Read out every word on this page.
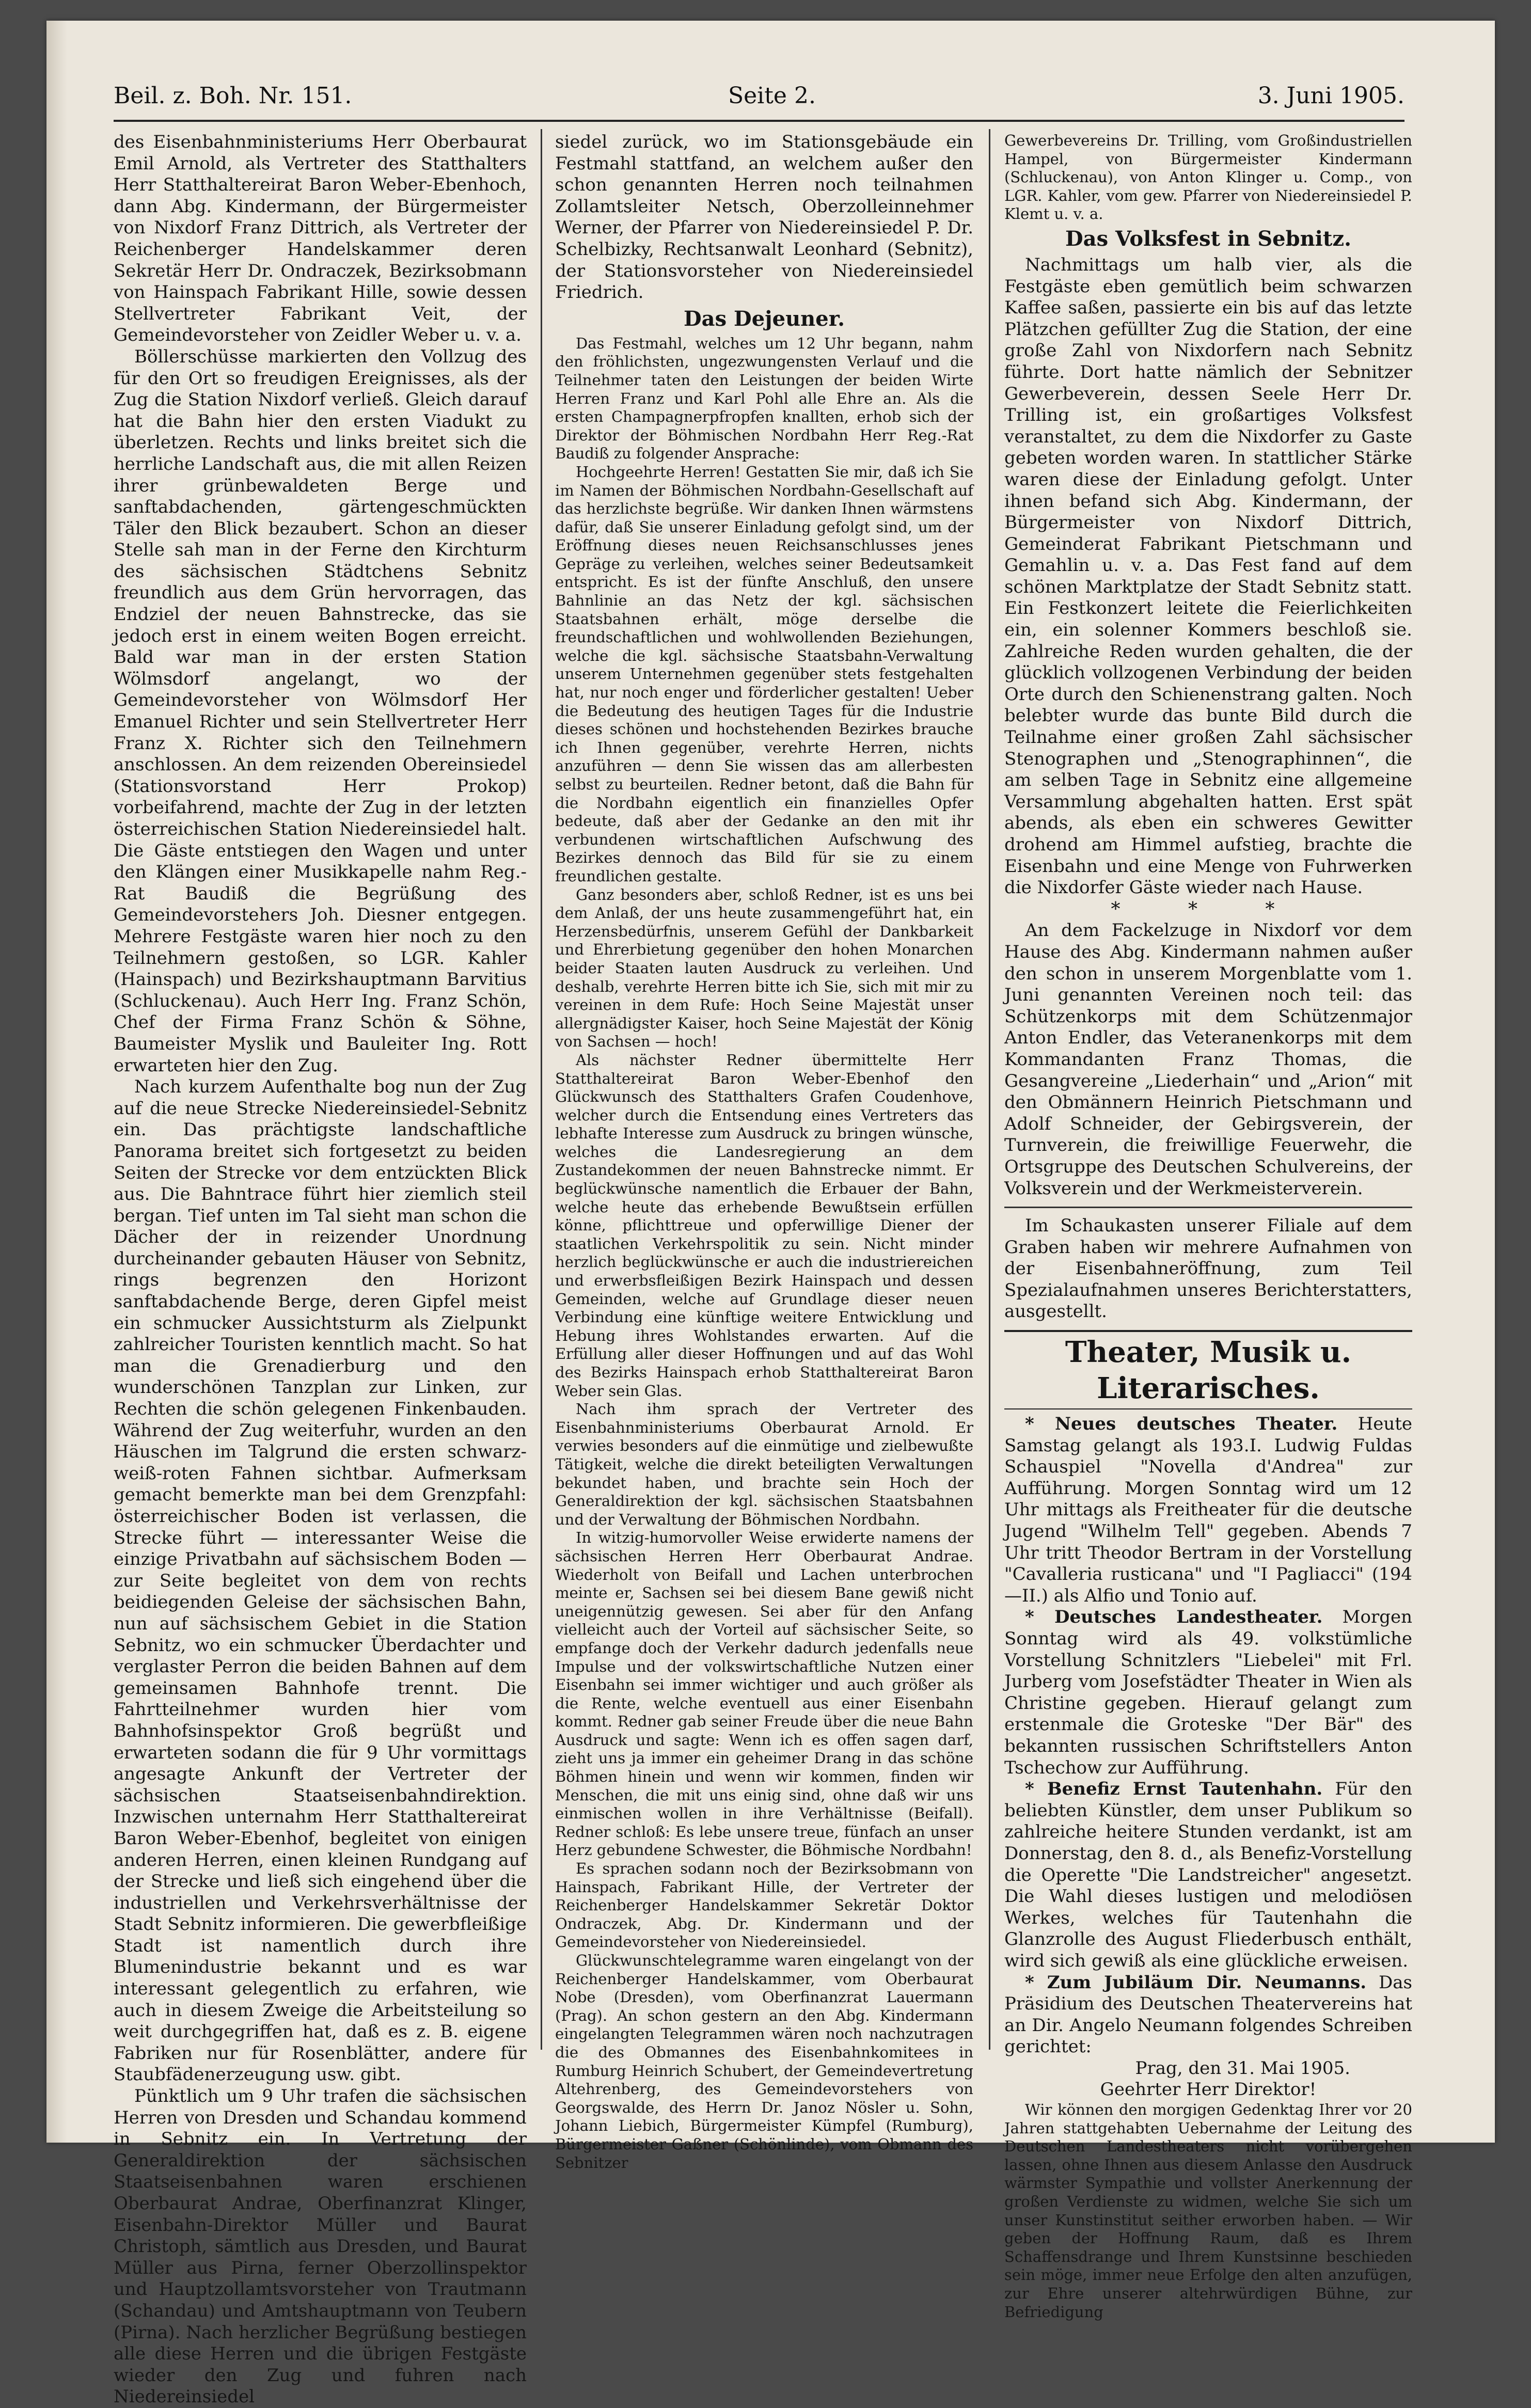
Beil. z. Boh. Nr. 151.	Seite 2.	3. Juni 1905.

des Eisenbahnministeriums Herr Oberbaurat Emil Arnold, als Vertreter des Statthalters Herr Statthaltereirat Baron Weber-Ebenhoch, dann Abg. Kindermann, der Bürgermeister von Nixdorf Franz Dittrich, als Vertreter der Reichenberger Handelskammer deren Sekretär Herr Dr. Ondraczek, Bezirksobmann von Hainspach Fabrikant Hille, sowie dessen Stellvertreter Fabrikant Veit, der Gemeindevorsteher von Zeidler Weber u. v. a.

Böllerschüsse markierten den Vollzug des für den Ort so freudigen Ereignisses, als der Zug die Station Nixdorf verließ. Gleich darauf hat die Bahn hier den ersten Viadukt zu überletzen. Rechts und links breitet sich die herrliche Landschaft aus, die mit allen Reizen ihrer grünbewaldeten Berge und sanftabdachenden, gärtengeschmückten Täler den Blick bezaubert. Schon an dieser Stelle sah man in der Ferne den Kirchturm des sächsischen Städtchens Sebnitz freundlich aus dem Grün hervorragen, das Endziel der neuen Bahnstrecke, das sie jedoch erst in einem weiten Bogen erreicht. Bald war man in der ersten Station Wölmsdorf angelangt, wo der Gemeindevorsteher von Wölmsdorf Her Emanuel Richter und sein Stellvertreter Herr Franz X. Richter sich den Teilnehmern anschlossen. An dem reizenden Obereinsiedel (Stationsvorstand Herr Prokop) vorbeifahrend, machte der Zug in der letzten österreichischen Station Niedereinsiedel halt. Die Gäste entstiegen den Wagen und unter den Klängen einer Musikkapelle nahm Reg.-Rat Baudiß die Begrüßung des Gemeindevorstehers Joh. Diesner entgegen. Mehrere Festgäste waren hier noch zu den Teilnehmern gestoßen, so LGR. Kahler (Hainspach) und Bezirkshauptmann Barvitius (Schluckenau). Auch Herr Ing. Franz Schön, Chef der Firma Franz Schön & Söhne, Baumeister Myslik und Bauleiter Ing. Rott erwarteten hier den Zug.

Nach kurzem Aufenthalte bog nun der Zug auf die neue Strecke Niedereinsiedel-Sebnitz ein. Das prächtigste landschaftliche Panorama breitet sich fortgesetzt zu beiden Seiten der Strecke vor dem entzückten Blick aus. Die Bahntrace führt hier ziemlich steil bergan. Tief unten im Tal sieht man schon die Dächer der in reizender Unordnung durcheinander gebauten Häuser von Sebnitz, rings begrenzen den Horizont sanftabdachende Berge, deren Gipfel meist ein schmucker Aussichtsturm als Zielpunkt zahlreicher Touristen kenntlich macht. So hat man die Grenadierburg und den wunderschönen Tanzplan zur Linken, zur Rechten die schön gelegenen Finkenbauden. Während der Zug weiterfuhr, wurden an den Häuschen im Talgrund die ersten schwarz-weiß-roten Fahnen sichtbar. Aufmerksam gemacht bemerkte man bei dem Grenzpfahl: österreichischer Boden ist verlassen, die Strecke führt — interessanter Weise die einzige Privatbahn auf sächsischem Boden — zur Seite begleitet von dem von rechts beidiegenden Geleise der sächsischen Bahn, nun auf sächsischem Gebiet in die Station Sebnitz, wo ein schmucker Überdachter und verglaster Perron die beiden Bahnen auf dem gemeinsamen Bahnhofe trennt. Die Fahrtteilnehmer wurden hier vom Bahnhofsinspektor Groß begrüßt und erwarteten sodann die für 9 Uhr vormittags angesagte Ankunft der Vertreter der sächsischen Staatseisenbahndirektion. Inzwischen unternahm Herr Statthaltereirat Baron Weber-Ebenhof, begleitet von einigen anderen Herren, einen kleinen Rundgang auf der Strecke und ließ sich eingehend über die industriellen und Verkehrsverhältnisse der Stadt Sebnitz informieren. Die gewerbfleißige Stadt ist namentlich durch ihre Blumenindustrie bekannt und es war interessant gelegentlich zu erfahren, wie auch in diesem Zweige die Arbeitsteilung so weit durchgegriffen hat, daß es z. B. eigene Fabriken nur für Rosenblätter, andere für Staubfädenerzeugung usw. gibt.

Pünktlich um 9 Uhr trafen die sächsischen Herren von Dresden und Schandau kommend in Sebnitz ein. In Vertretung der Generaldirektion der sächsischen Staatseisenbahnen waren erschienen Oberbaurat Andrae, Oberfinanzrat Klinger, Eisenbahn-Direktor Müller und Baurat Christoph, sämtlich aus Dresden, und Baurat Müller aus Pirna, ferner Oberzollinspektor und Hauptzollamtsvorsteher von Trautmann (Schandau) und Amtshauptmann von Teubern (Pirna). Nach herzlicher Begrüßung bestiegen alle diese Herren und die übrigen Festgäste wieder den Zug und fuhren nach Niedereinsiedel

siedel zurück, wo im Stationsgebäude ein Festmahl stattfand, an welchem außer den schon genannten Herren noch teilnahmen Zollamtsleiter Netsch, Oberzolleinnehmer Werner, der Pfarrer von Niedereinsiedel P. Dr. Schelbizky, Rechtsanwalt Leonhard (Sebnitz), der Stationsvorsteher von Niedereinsiedel Friedrich.

Das Dejeuner.

Das Festmahl, welches um 12 Uhr begann, nahm den fröhlichsten, ungezwungensten Verlauf und die Teilnehmer taten den Leistungen der beiden Wirte Herren Franz und Karl Pohl alle Ehre an. Als die ersten Champagnerpfropfen knallten, erhob sich der Direktor der Böhmischen Nordbahn Herr Reg.-Rat Baudiß zu folgender Ansprache:

Hochgeehrte Herren! Gestatten Sie mir, daß ich Sie im Namen der Böhmischen Nordbahn-Gesellschaft auf das herzlichste begrüße. Wir danken Ihnen wärmstens dafür, daß Sie unserer Einladung gefolgt sind, um der Eröffnung dieses neuen Reichsanschlusses jenes Gepräge zu verleihen, welches seiner Bedeutsamkeit entspricht. Es ist der fünfte Anschluß, den unsere Bahnlinie an das Netz der kgl. sächsischen Staatsbahnen erhält, möge derselbe die freundschaftlichen und wohlwollenden Beziehungen, welche die kgl. sächsische Staatsbahn-Verwaltung unserem Unternehmen gegenüber stets festgehalten hat, nur noch enger und förderlicher gestalten! Ueber die Bedeutung des heutigen Tages für die Industrie dieses schönen und hochstehenden Bezirkes brauche ich Ihnen gegenüber, verehrte Herren, nichts anzuführen — denn Sie wissen das am allerbesten selbst zu beurteilen. Redner betont, daß die Bahn für die Nordbahn eigentlich ein finanzielles Opfer bedeute, daß aber der Gedanke an den mit ihr verbundenen wirtschaftlichen Aufschwung des Bezirkes dennoch das Bild für sie zu einem freundlichen gestalte.

Ganz besonders aber, schloß Redner, ist es uns bei dem Anlaß, der uns heute zusammengeführt hat, ein Herzensbedürfnis, unserem Gefühl der Dankbarkeit und Ehrerbietung gegenüber den hohen Monarchen beider Staaten lauten Ausdruck zu verleihen. Und deshalb, verehrte Herren bitte ich Sie, sich mit mir zu vereinen in dem Rufe: Hoch Seine Majestät unser allergnädigster Kaiser, hoch Seine Majestät der König von Sachsen — hoch!

Als nächster Redner übermittelte Herr Statthaltereirat Baron Weber-Ebenhof den Glückwunsch des Statthalters Grafen Coudenhove, welcher durch die Entsendung eines Vertreters das lebhafte Interesse zum Ausdruck zu bringen wünsche, welches die Landesregierung an dem Zustandekommen der neuen Bahnstrecke nimmt. Er beglückwünsche namentlich die Erbauer der Bahn, welche heute das erhebende Bewußtsein erfüllen könne, pflichttreue und opferwillige Diener der staatlichen Verkehrspolitik zu sein. Nicht minder herzlich beglückwünsche er auch die industriereichen und erwerbsfleißigen Bezirk Hainspach und dessen Gemeinden, welche auf Grundlage dieser neuen Verbindung eine künftige weitere Entwicklung und Hebung ihres Wohlstandes erwarten. Auf die Erfüllung aller dieser Hoffnungen und auf das Wohl des Bezirks Hainspach erhob Statthaltereirat Baron Weber sein Glas.

Nach ihm sprach der Vertreter des Eisenbahnministeriums Oberbaurat Arnold. Er verwies besonders auf die einmütige und zielbewußte Tätigkeit, welche die direkt beteiligten Verwaltungen bekundet haben, und brachte sein Hoch der Generaldirektion der kgl. sächsischen Staatsbahnen und der Verwaltung der Böhmischen Nordbahn.

In witzig-humorvoller Weise erwiderte namens der sächsischen Herren Herr Oberbaurat Andrae. Wiederholt von Beifall und Lachen unterbrochen meinte er, Sachsen sei bei diesem Bane gewiß nicht uneigennützig gewesen. Sei aber für den Anfang vielleicht auch der Vorteil auf sächsischer Seite, so empfange doch der Verkehr dadurch jedenfalls neue Impulse und der volkswirtschaftliche Nutzen einer Eisenbahn sei immer wichtiger und auch größer als die Rente, welche eventuell aus einer Eisenbahn kommt. Redner gab seiner Freude über die neue Bahn Ausdruck und sagte: Wenn ich es offen sagen darf, zieht uns ja immer ein geheimer Drang in das schöne Böhmen hinein und wenn wir kommen, finden wir Menschen, die mit uns einig sind, ohne daß wir uns einmischen wollen in ihre Verhältnisse (Beifall). Redner schloß: Es lebe unsere treue, fünfach an unser Herz gebundene Schwester, die Böhmische Nordbahn!

Es sprachen sodann noch der Bezirksobmann von Hainspach, Fabrikant Hille, der Vertreter der Reichenberger Handelskammer Sekretär Doktor Ondraczek, Abg. Dr. Kindermann und der Gemeindevorsteher von Niedereinsiedel.

Glückwunschtelegramme waren eingelangt von der Reichenberger Handelskammer, vom Oberbaurat Nobe (Dresden), vom Oberfinanzrat Lauermann (Prag). An schon gestern an den Abg. Kindermann eingelangten Telegrammen wären noch nachzutragen die des Obmannes des Eisenbahnkomitees in Rumburg Heinrich Schubert, der Gemeindevertretung Altehrenberg, des Gemeindevorstehers von Georgswalde, des Herrn Dr. Janoz Nösler u. Sohn, Johann Liebich, Bürgermeister Kümpfel (Rumburg), Bürgermeister Gaßner (Schönlinde), vom Obmann des Sebnitzer

Gewerbevereins Dr. Trilling, vom Großindustriellen Hampel, von Bürgermeister Kindermann (Schluckenau), von Anton Klinger u. Comp., von LGR. Kahler, vom gew. Pfarrer von Niedereinsiedel P. Klemt u. v. a.

Das Volksfest in Sebnitz.

Nachmittags um halb vier, als die Festgäste eben gemütlich beim schwarzen Kaffee saßen, passierte ein bis auf das letzte Plätzchen gefüllter Zug die Station, der eine große Zahl von Nixdorfern nach Sebnitz führte. Dort hatte nämlich der Sebnitzer Gewerbeverein, dessen Seele Herr Dr. Trilling ist, ein großartiges Volksfest veranstaltet, zu dem die Nixdorfer zu Gaste gebeten worden waren. In stattlicher Stärke waren diese der Einladung gefolgt. Unter ihnen befand sich Abg. Kindermann, der Bürgermeister von Nixdorf Dittrich, Gemeinderat Fabrikant Pietschmann und Gemahlin u. v. a. Das Fest fand auf dem schönen Marktplatze der Stadt Sebnitz statt. Ein Festkonzert leitete die Feierlichkeiten ein, ein solenner Kommers beschloß sie. Zahlreiche Reden wurden gehalten, die der glücklich vollzogenen Verbindung der beiden Orte durch den Schienenstrang galten. Noch belebter wurde das bunte Bild durch die Teilnahme einer großen Zahl sächsischer Stenographen und „Stenographinnen“, die am selben Tage in Sebnitz eine allgemeine Versammlung abgehalten hatten. Erst spät abends, als eben ein schweres Gewitter drohend am Himmel aufstieg, brachte die Eisenbahn und eine Menge von Fuhrwerken die Nixdorfer Gäste wieder nach Hause.

* * *

An dem Fackelzuge in Nixdorf vor dem Hause des Abg. Kindermann nahmen außer den schon in unserem Morgenblatte vom 1. Juni genannten Vereinen noch teil: das Schützenkorps mit dem Schützenmajor Anton Endler, das Veteranenkorps mit dem Kommandanten Franz Thomas, die Gesangvereine „Liederhain“ und „Arion“ mit den Obmännern Heinrich Pietschmann und Adolf Schneider, der Gebirgsverein, der Turnverein, die freiwillige Feuerwehr, die Ortsgruppe des Deutschen Schulvereins, der Volksverein und der Werkmeisterverein.

Im Schaukasten unserer Filiale auf dem Graben haben wir mehrere Aufnahmen von der Eisenbahneröffnung, zum Teil Spezialaufnahmen unseres Berichterstatters, ausgestellt.

Theater, Musik u. Literarisches.

* Neues deutsches Theater. Heute Samstag gelangt als 193.I. Ludwig Fuldas Schauspiel "Novella d'Andrea" zur Aufführung. Morgen Sonntag wird um 12 Uhr mittags als Freitheater für die deutsche Jugend "Wilhelm Tell" gegeben. Abends 7 Uhr tritt Theodor Bertram in der Vorstellung "Cavalleria rusticana" und "I Pagliacci" (194—II.) als Alfio und Tonio auf.

* Deutsches Landestheater. Morgen Sonntag wird als 49. volkstümliche Vorstellung Schnitzlers "Liebelei" mit Frl. Jurberg vom Josefstädter Theater in Wien als Christine gegeben. Hierauf gelangt zum erstenmale die Groteske "Der Bär" des bekannten russischen Schriftstellers Anton Tschechow zur Aufführung.

* Benefiz Ernst Tautenhahn. Für den beliebten Künstler, dem unser Publikum so zahlreiche heitere Stunden verdankt, ist am Donnerstag, den 8. d., als Benefiz-Vorstellung die Operette "Die Landstreicher" angesetzt. Die Wahl dieses lustigen und melodiösen Werkes, welches für Tautenhahn die Glanzrolle des August Fliederbusch enthält, wird sich gewiß als eine glückliche erweisen.

* Zum Jubiläum Dir. Neumanns. Das Präsidium des Deutschen Theatervereins hat an Dir. Angelo Neumann folgendes Schreiben gerichtet:

Prag, den 31. Mai 1905.

Geehrter Herr Direktor!

Wir können den morgigen Gedenktag Ihrer vor 20 Jahren stattgehabten Uebernahme der Leitung des Deutschen Landestheaters nicht vorübergehen lassen, ohne Ihnen aus diesem Anlasse den Ausdruck wärmster Sympathie und vollster Anerkennung der großen Verdienste zu widmen, welche Sie sich um unser Kunstinstitut seither erworben haben. — Wir geben der Hoffnung Raum, daß es Ihrem Schaffensdrange und Ihrem Kunstsinne beschieden sein möge, immer neue Erfolge den alten anzufügen, zur Ehre unserer altehrwürdigen Bühne, zur Befriedigung
